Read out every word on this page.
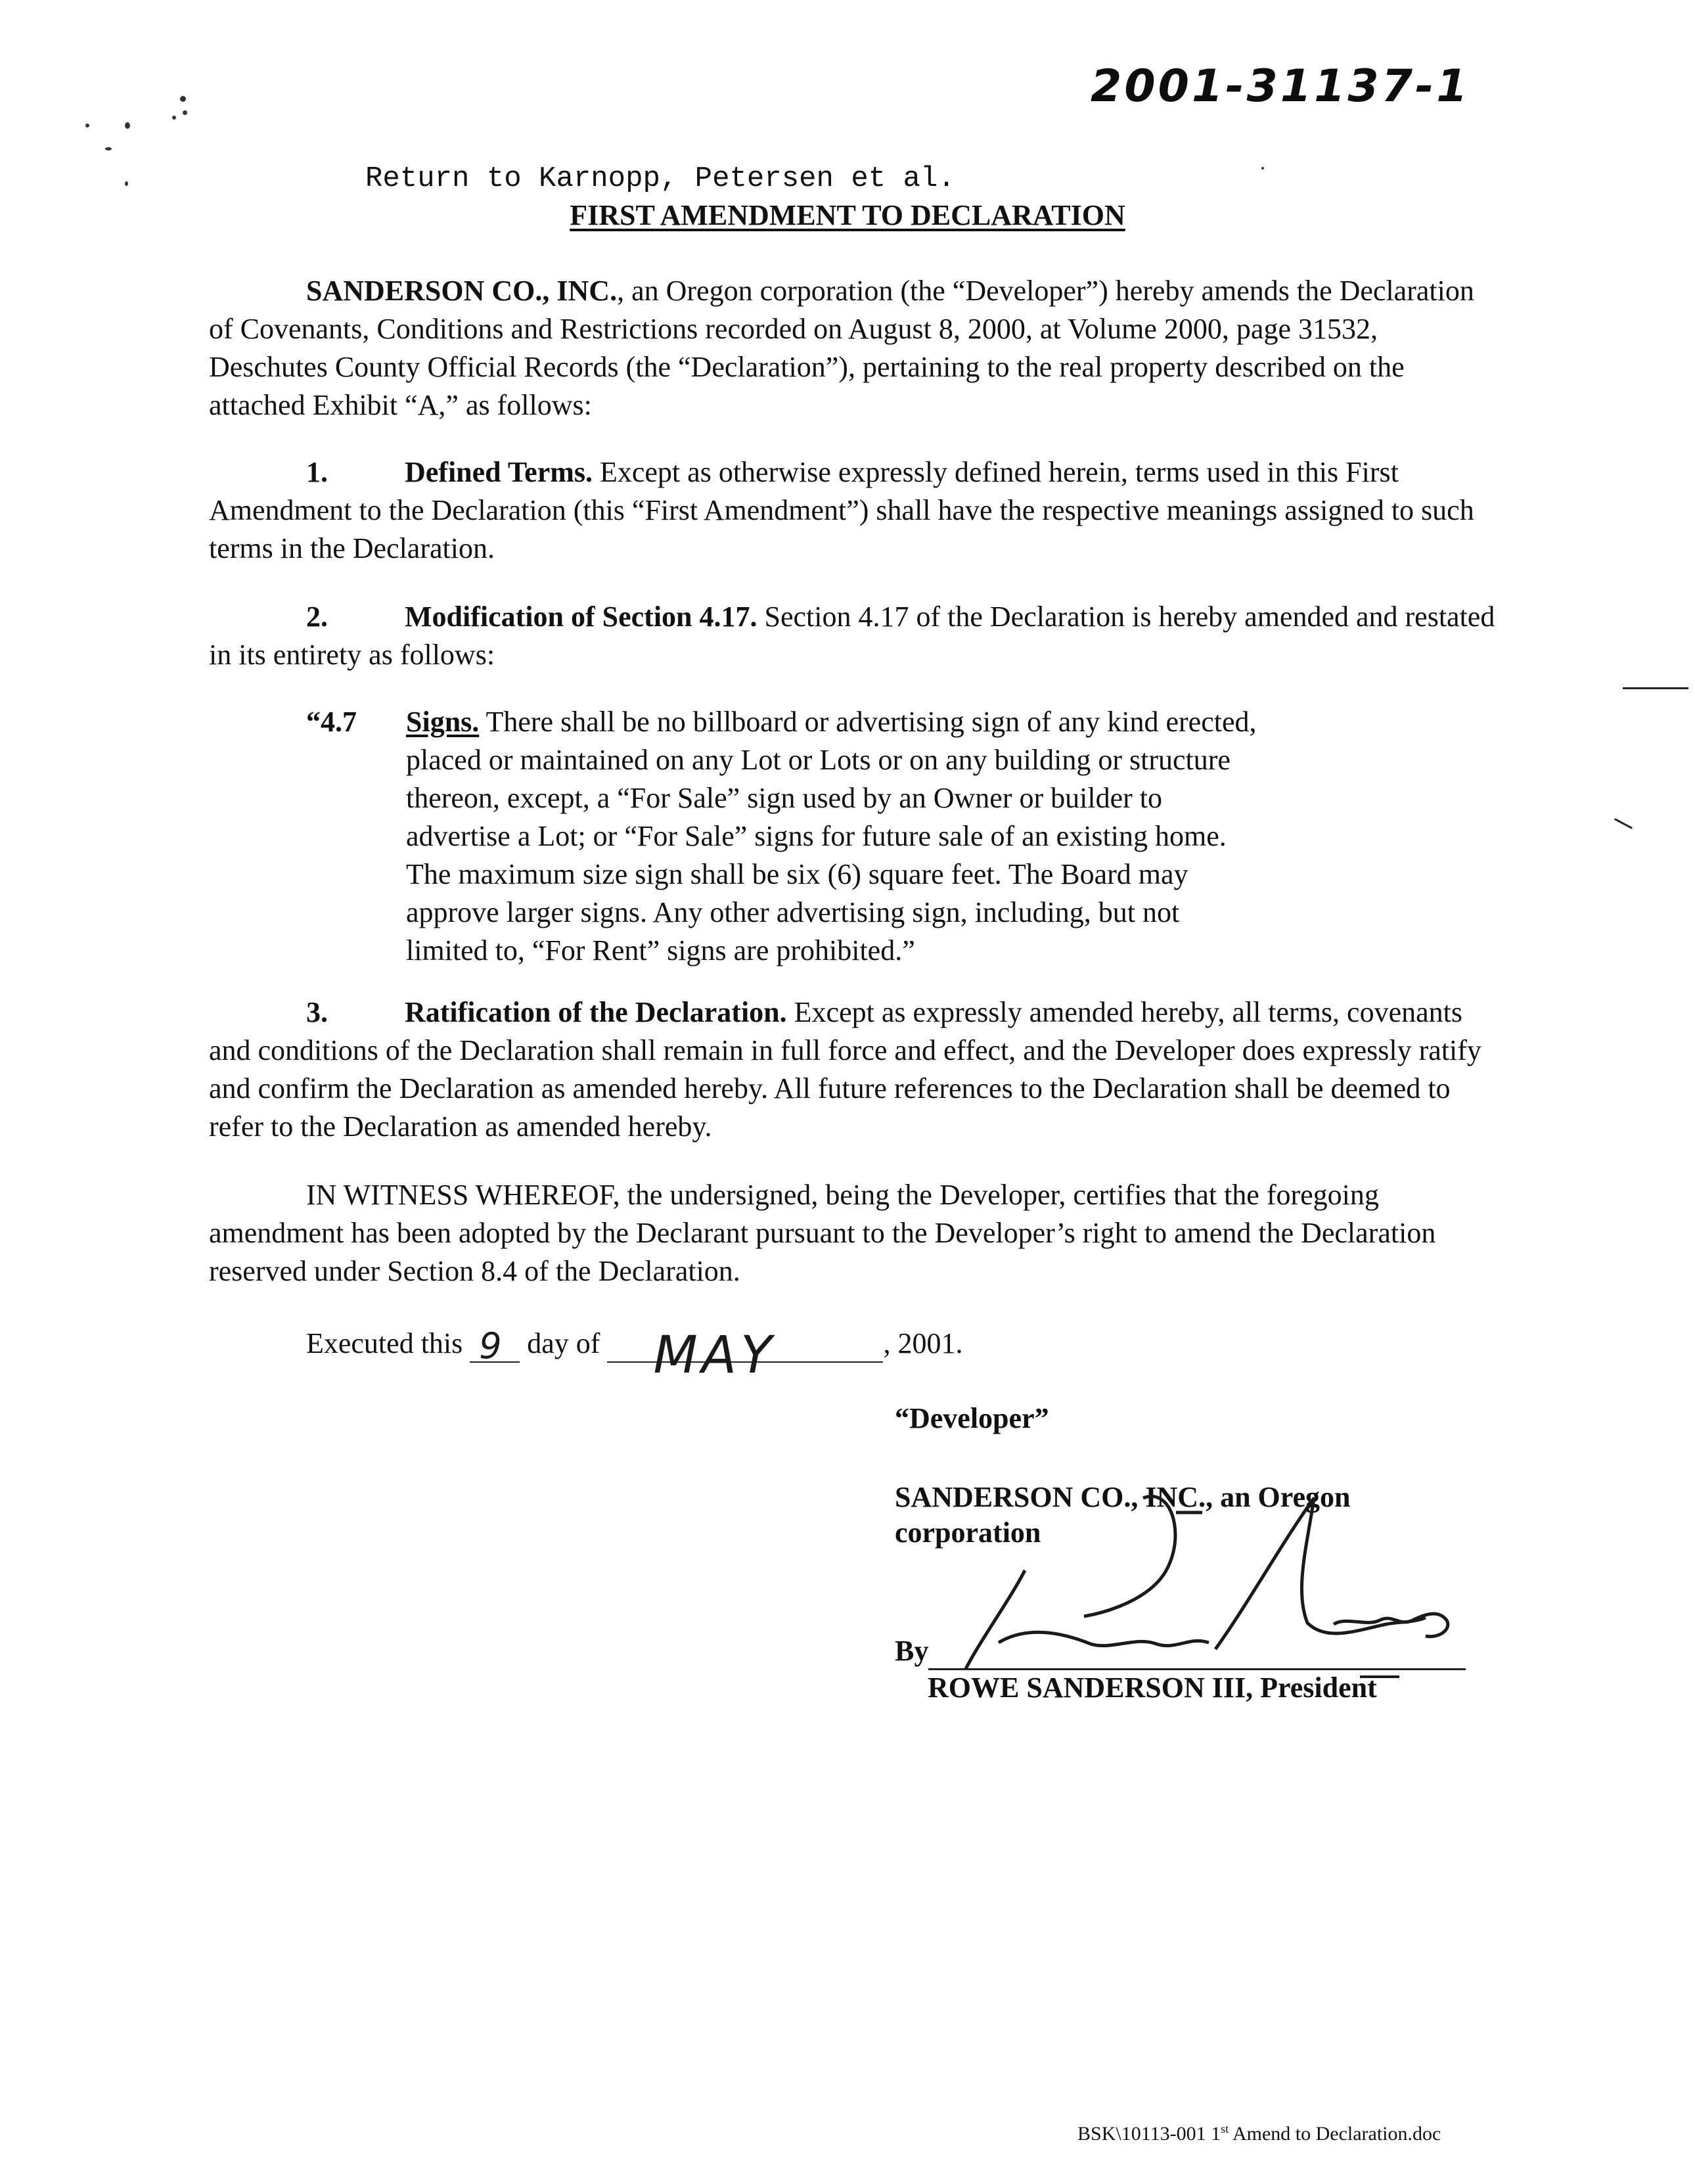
2001-31137-1
Return to Karnopp, Petersen et al.
FIRST AMENDMENT TO DECLARATION
SANDERSON CO., INC., an Oregon corporation (the “Developer”) hereby amends the Declaration of Covenants, Conditions and Restrictions recorded on August 8, 2000, at Volume 2000, page 31532, Deschutes County Official Records (the “Declaration”), pertaining to the real property described on the attached Exhibit “A,” as follows:
1.	Defined Terms. Except as otherwise expressly defined herein, terms used in this First Amendment to the Declaration (this “First Amendment”) shall have the respective meanings assigned to such terms in the Declaration.
2.	Modification of Section 4.17. Section 4.17 of the Declaration is hereby amended and restated in its entirety as follows:
“4.7 Signs. There shall be no billboard or advertising sign of any kind erected,
placed or maintained on any Lot or Lots or on any building or structure
thereon, except, a “For Sale” sign used by an Owner or builder to
advertise a Lot; or “For Sale” signs for future sale of an existing home.
The maximum size sign shall be six (6) square feet. The Board may
approve larger signs. Any other advertising sign, including, but not
limited to, “For Rent” signs are prohibited.”
3.	Ratification of the Declaration. Except as expressly amended hereby, all terms, covenants and conditions of the Declaration shall remain in full force and effect, and the Developer does expressly ratify and confirm the Declaration as amended hereby. All future references to the Declaration shall be deemed to refer to the Declaration as amended hereby.
IN WITNESS WHEREOF, the undersigned, being the Developer, certifies that the foregoing amendment has been adopted by the Declarant pursuant to the Developer’s right to amend the Declaration reserved under Section 8.4 of the Declaration.
Executed this 9 day of MAY	, 2001.
“Developer”
SANDERSON CO., INC., an Oregon
corporation
By
ROWE SANDERSON III, President
BSK\10113-001 1st Amend to Declaration.doc
